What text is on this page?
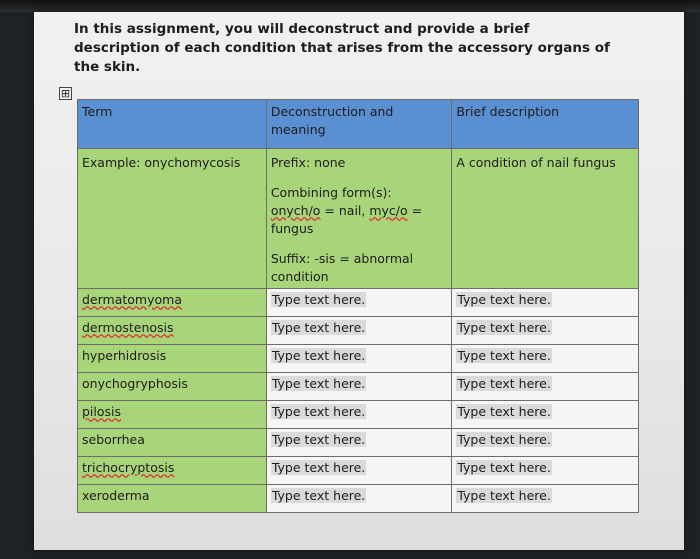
In this assignment, you will deconstruct and provide a brief description of each condition that arises from the accessory organs of the skin.

⊞
Term	Deconstruction and meaning	Brief description
Example: onychomycosis	Prefix: none

Combining form(s):
onych/o = nail, myc/o = fungus

Suffix: -sis = abnormal condition	A condition of nail fungus
dermatomyoma	Type text here.	Type text here.
dermostenosis	Type text here.	Type text here.
hyperhidrosis	Type text here.	Type text here.
onychogryphosis	Type text here.	Type text here.
pilosis	Type text here.	Type text here.
seborrhea	Type text here.	Type text here.
trichocryptosis	Type text here.	Type text here.
xeroderma	Type text here.	Type text here.
